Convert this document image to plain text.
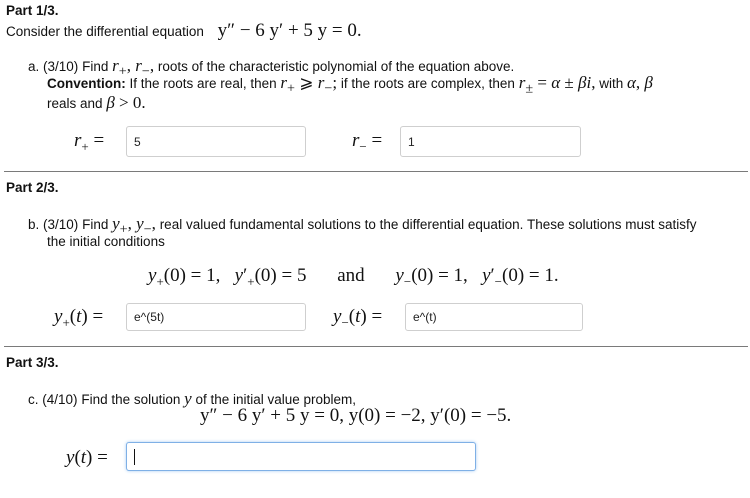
Part 1/3.
Consider the differential equation y″ − 6 y′ + 5 y = 0.
a. (3/10) Find $r_+$, $r_-$, roots of the characteristic polynomial of the equation above.
Convention: If the roots are real, then $r_+$ ⩾ $r_-$; if the roots are complex, then $r_\pm = \alpha \pm \beta i$, with α, β
reals and β > 0.
$r_+$ =	5	$r_-$ =	1
Part 2/3.
b. (3/10) Find $y_+$, $y_-$, real valued fundamental solutions to the differential equation. These solutions must satisfy
the initial conditions
$y_+(0) = 1$,   $y'_+(0) = 5$ and $y_-(0) = 1$,   $y'_-(0) = 1$.
$y_+(t)$ =	e^(5t)	$y_-(t)$ =	e^(t)
Part 3/3.
c. (4/10) Find the solution y of the initial value problem,
y″ − 6 y′ + 5 y = 0, y(0) = −2, y′(0) = −5.
y(t) =
